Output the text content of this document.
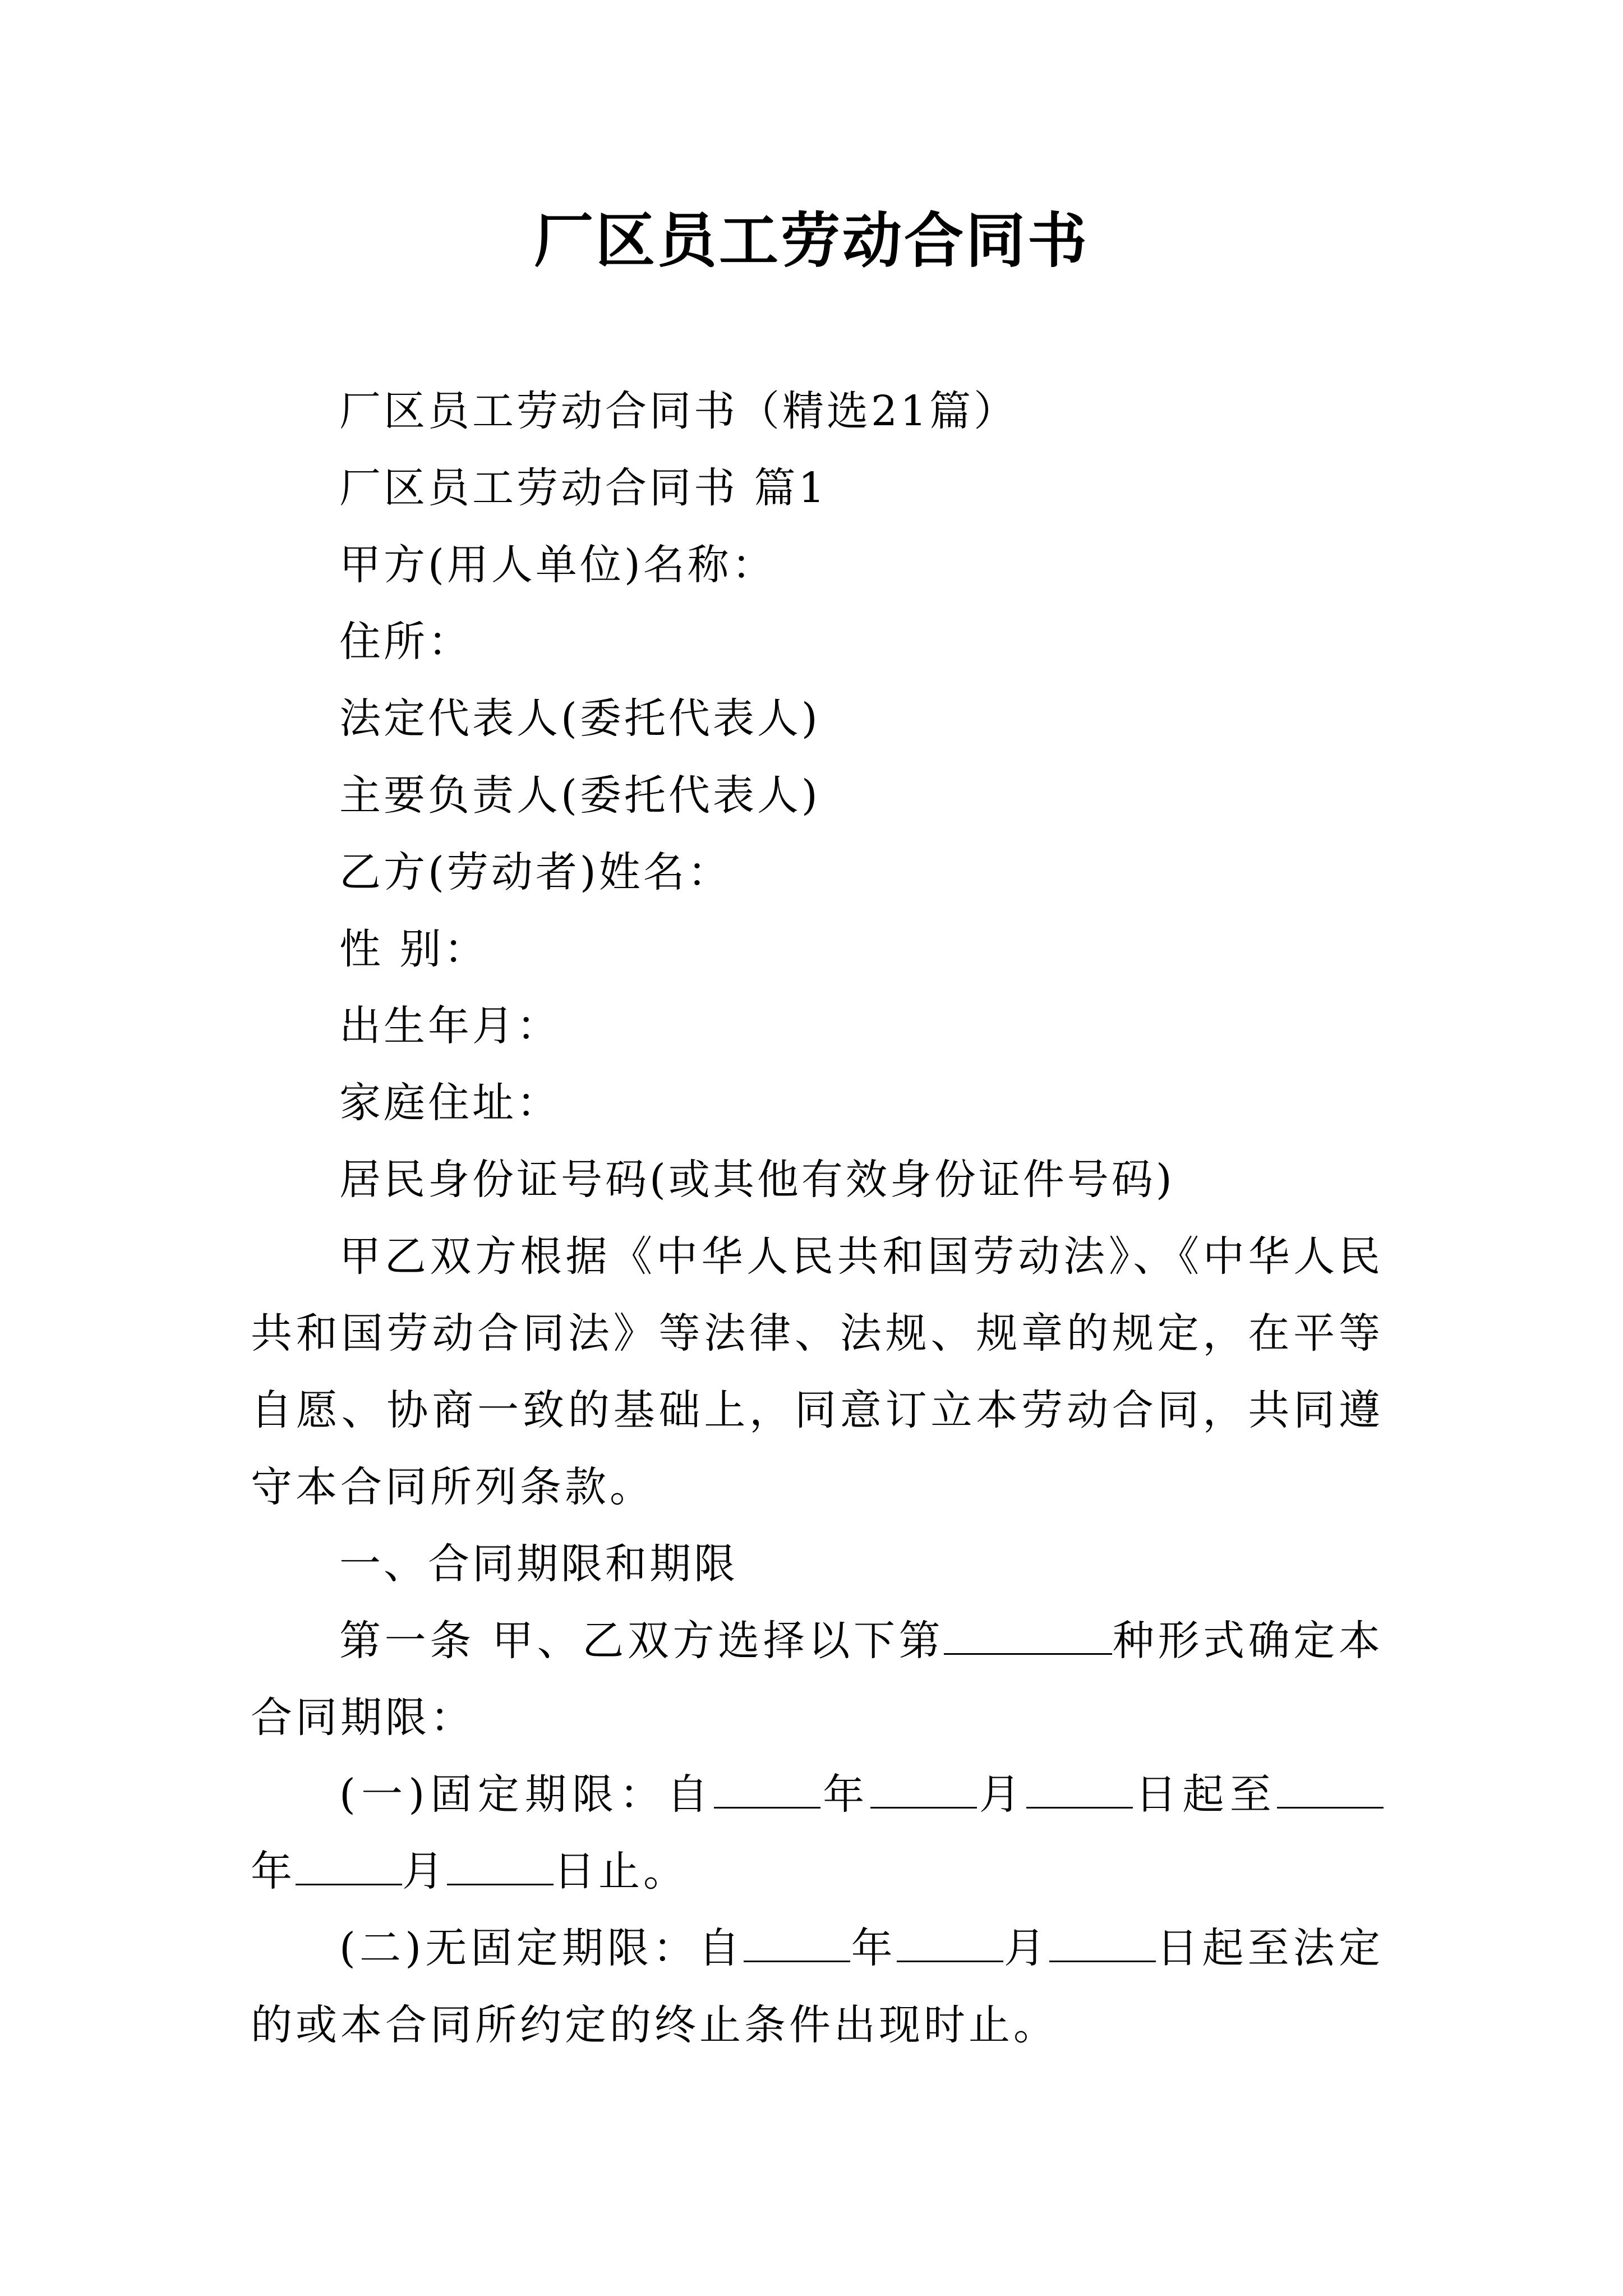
厂区员工劳动合同书

厂区员工劳动合同书（精选21篇）

厂区员工劳动合同书 篇1

甲方(用人单位)名称：

住所：

法定代表人(委托代表人)

主要负责人(委托代表人)

乙方(劳动者)姓名：

性 别：

出生年月：

家庭住址：

居民身份证号码(或其他有效身份证件号码)

甲乙双方根据《中华人民共和国劳动法》、《中华人民共和国劳动合同法》等法律、法规、规章的规定，在平等自愿、协商一致的基础上，同意订立本劳动合同，共同遵守本合同所列条款。

一、合同期限和期限

第一条 甲、乙双方选择以下第	种形式确定本合同期限：

(一)固定期限：自	年	月	日起至年	月	日止。

(二)无固定期限：自	年	月	日起至法定的或本合同所约定的终止条件出现时止。
